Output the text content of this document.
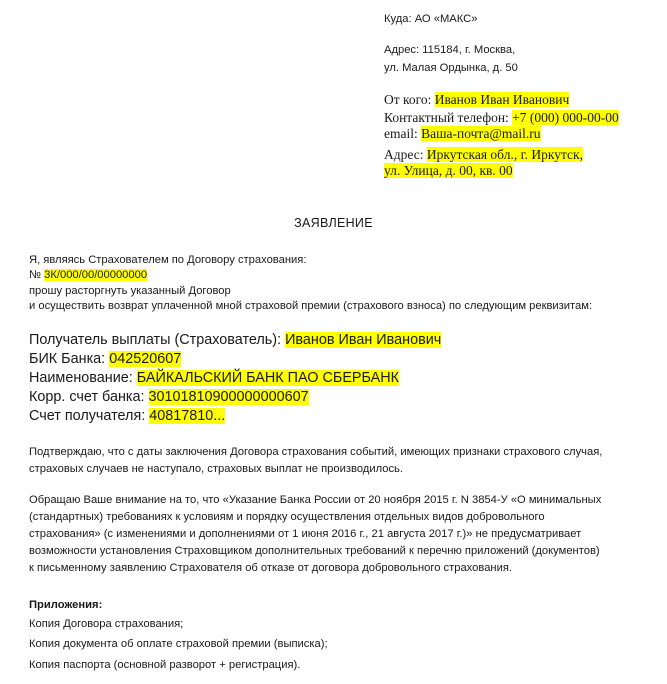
Куда: АО «МАКС»
Адрес: 115184, г. Москва,
ул. Малая Ордынка, д. 50
От кого: Иванов Иван Иванович
Контактный телефон: +7 (000) 000-00-00
email: Ваша-почта@mail.ru
Адрес: Иркутская обл., г. Иркутск,
ул. Улица, д. 00, кв. 00
ЗАЯВЛЕНИЕ
Я, являясь Страхователем по Договору страхования:
№ 3К/000/00/00000000
прошу расторгнуть указанный Договор
и осуществить возврат уплаченной мной страховой премии (страхового взноса) по следующим реквизитам:
Получатель выплаты (Страхователь): Иванов Иван Иванович
БИК Банка: 042520607
Наименование: БАЙКАЛЬСКИЙ БАНК ПАО СБЕРБАНК
Корр. счет банка: 30101810900000000607
Счет получателя: 40817810...
Подтверждаю, что с даты заключения Договора страхования событий, имеющих признаки страхового случая,
страховых случаев не наступало, страховых выплат не производилось.
Обращаю Ваше внимание на то, что «Указание Банка России от 20 ноября 2015 г. N 3854-У «О минимальных
(стандартных) требованиях к условиям и порядку осуществления отдельных видов добровольного
страхования» (с изменениями и дополнениями от 1 июня 2016 г., 21 августа 2017 г.)» не предусматривает
возможности установления Страховщиком дополнительных требований к перечню приложений (документов)
к письменному заявлению Страхователя об отказе от договора добровольного страхования.
Приложения:
Копия Договора страхования;
Копия документа об оплате страховой премии (выписка);
Копия паспорта (основной разворот + регистрация).
